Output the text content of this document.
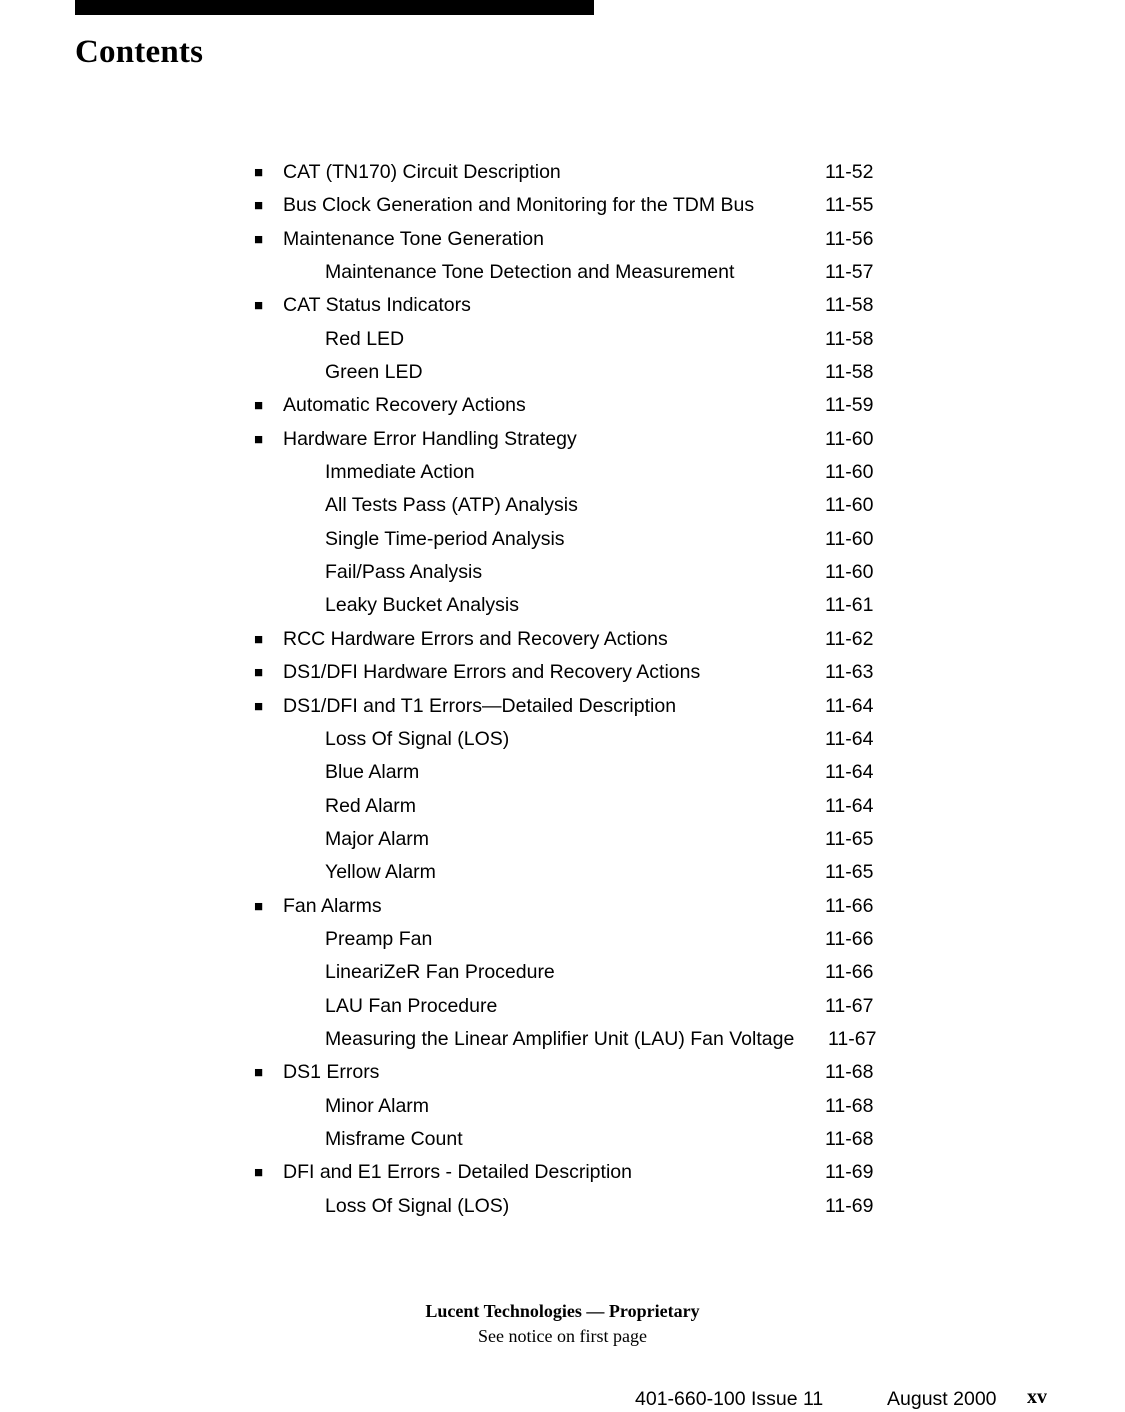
Contents
■ CAT (TN170) Circuit Description	11-52
■ Bus Clock Generation and Monitoring for the TDM Bus	11-55
■ Maintenance Tone Generation	11-56
Maintenance Tone Detection and Measurement	11-57
■ CAT Status Indicators	11-58
Red LED	11-58
Green LED	11-58
■ Automatic Recovery Actions	11-59
■ Hardware Error Handling Strategy	11-60
Immediate Action	11-60
All Tests Pass (ATP) Analysis	11-60
Single Time-period Analysis	11-60
Fail/Pass Analysis	11-60
Leaky Bucket Analysis	11-61
■ RCC Hardware Errors and Recovery Actions	11-62
■ DS1/DFI Hardware Errors and Recovery Actions	11-63
■ DS1/DFI and T1 Errors—Detailed Description	11-64
Loss Of Signal (LOS)	11-64
Blue Alarm	11-64
Red Alarm	11-64
Major Alarm	11-65
Yellow Alarm	11-65
■ Fan Alarms	11-66
Preamp Fan	11-66
LineariZeR Fan Procedure	11-66
LAU Fan Procedure	11-67
Measuring the Linear Amplifier Unit (LAU) Fan Voltage 11-67
■ DS1 Errors	11-68
Minor Alarm	11-68
Misframe Count	11-68
■ DFI and E1 Errors - Detailed Description	11-69
Loss Of Signal (LOS)	11-69
Lucent Technologies — Proprietary
See notice on first page
401-660-100 Issue 11	August 2000 xv
